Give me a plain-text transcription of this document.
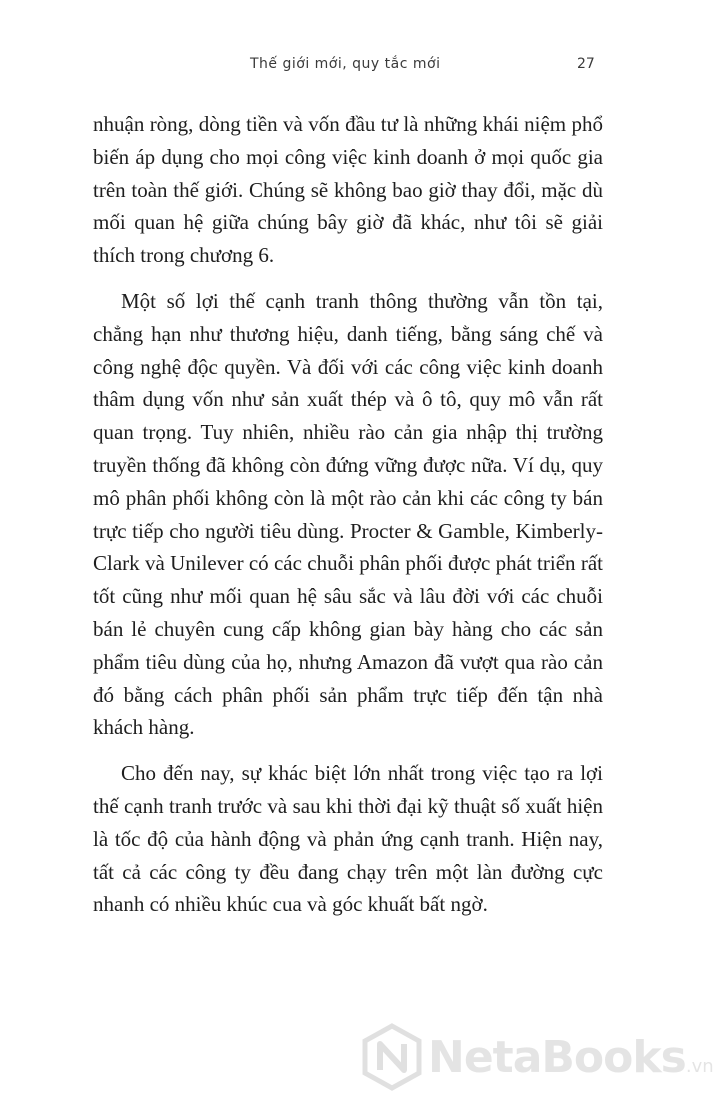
Thế giới mới, quy tắc mới	27

nhuận ròng, dòng tiền và vốn đầu tư là những khái niệm phổ biến áp dụng cho mọi công việc kinh doanh ở mọi quốc gia trên toàn thế giới. Chúng sẽ không bao giờ thay đổi, mặc dù mối quan hệ giữa chúng bây giờ đã khác, như tôi sẽ giải thích trong chương 6.

Một số lợi thế cạnh tranh thông thường vẫn tồn tại, chẳng hạn như thương hiệu, danh tiếng, bằng sáng chế và công nghệ độc quyền. Và đối với các công việc kinh doanh thâm dụng vốn như sản xuất thép và ô tô, quy mô vẫn rất quan trọng. Tuy nhiên, nhiều rào cản gia nhập thị trường truyền thống đã không còn đứng vững được nữa. Ví dụ, quy mô phân phối không còn là một rào cản khi các công ty bán trực tiếp cho người tiêu dùng. Procter & Gamble, Kimberly-Clark và Unilever có các chuỗi phân phối được phát triển rất tốt cũng như mối quan hệ sâu sắc và lâu đời với các chuỗi bán lẻ chuyên cung cấp không gian bày hàng cho các sản phẩm tiêu dùng của họ, nhưng Amazon đã vượt qua rào cản đó bằng cách phân phối sản phẩm trực tiếp đến tận nhà khách hàng.

Cho đến nay, sự khác biệt lớn nhất trong việc tạo ra lợi thế cạnh tranh trước và sau khi thời đại kỹ thuật số xuất hiện là tốc độ của hành động và phản ứng cạnh tranh. Hiện nay, tất cả các công ty đều đang chạy trên một làn đường cực nhanh có nhiều khúc cua và góc khuất bất ngờ.

NetaBooks.vn
